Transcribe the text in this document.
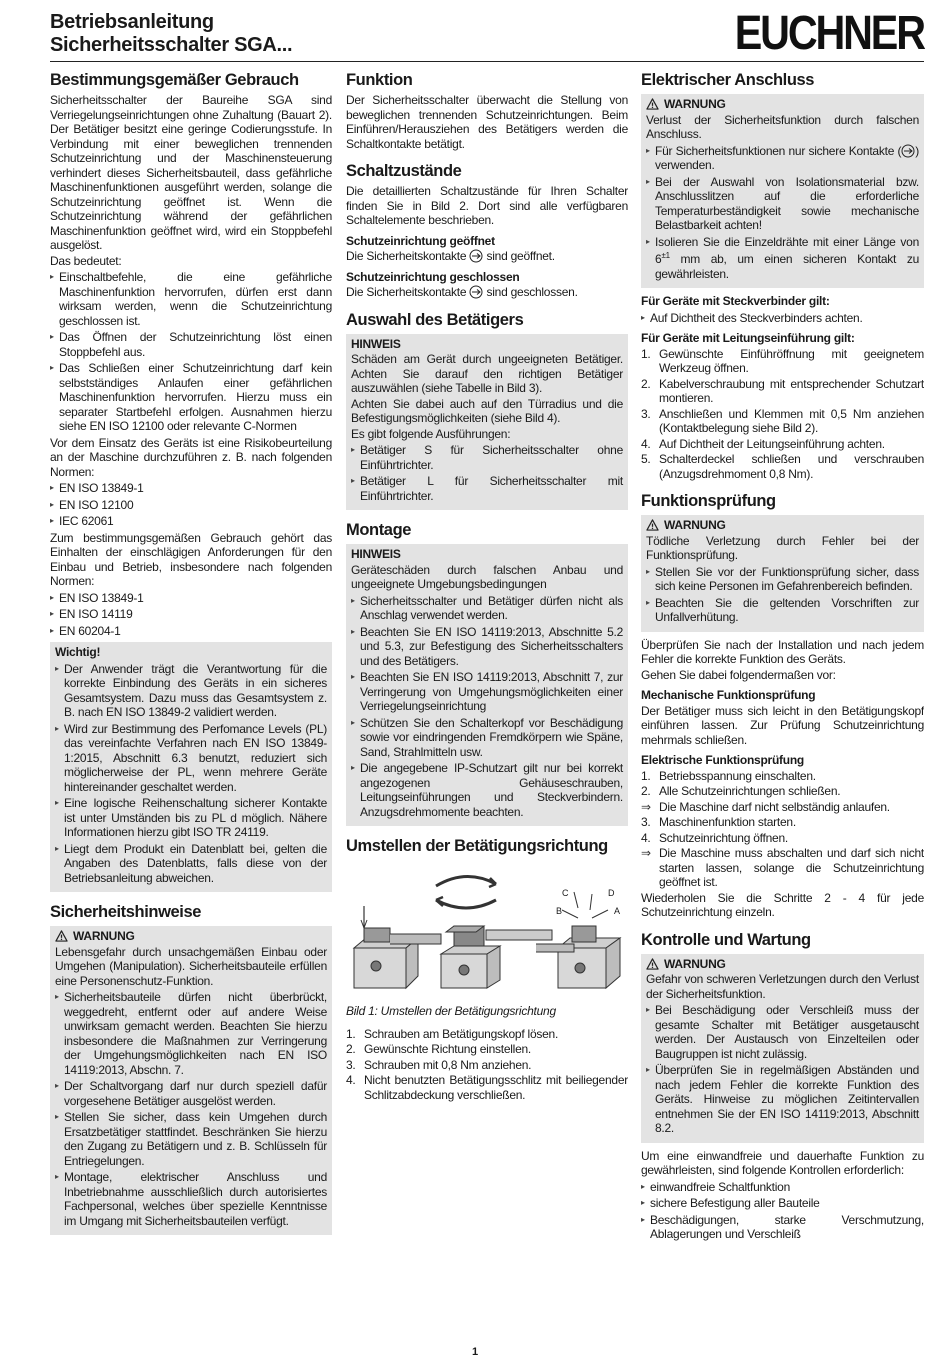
Betriebsanleitung
Sicherheitsschalter SGA...	EUCHNER
Bestimmungsgemäßer Gebrauch

Sicherheitsschalter der Baureihe SGA sind Verriegelungseinrichtungen ohne Zuhaltung (Bauart 2). Der Betätiger besitzt eine geringe Codierungsstufe. In Verbindung mit einer beweglichen trennenden Schutzeinrichtung und der Maschinensteuerung verhindert dieses Sicherheitsbauteil, dass gefährliche Maschinenfunktionen ausgeführt werden, solange die Schutzeinrichtung geöffnet ist. Wenn die Schutzeinrichtung während der gefährlichen Maschinenfunktion geöffnet wird, wird ein Stoppbefehl ausgelöst.

Das bedeutet:

▸ Einschaltbefehle, die eine gefährliche Maschinenfunktion hervorrufen, dürfen erst dann wirksam werden, wenn die Schutzeinrichtung geschlossen ist.
▸ Das Öffnen der Schutzeinrichtung löst einen Stoppbefehl aus.
▸ Das Schließen einer Schutzeinrichtung darf kein selbstständiges Anlaufen einer gefährlichen Maschinenfunktion hervorrufen. Hierzu muss ein separater Startbefehl erfolgen. Ausnahmen hierzu siehe EN ISO 12100 oder relevante C-Normen

Vor dem Einsatz des Geräts ist eine Risikobeurteilung an der Maschine durchzuführen z. B. nach folgenden Normen:

▸ EN ISO 13849-1
▸ EN ISO 12100
▸ IEC 62061

Zum bestimmungsgemäßen Gebrauch gehört das Einhalten der einschlägigen Anforderungen für den Einbau und Betrieb, insbesondere nach folgenden Normen:

▸ EN ISO 13849-1
▸ EN ISO 14119
▸ EN 60204-1
Wichtig!
▸ Der Anwender trägt die Verantwortung für die korrekte Einbindung des Geräts in ein sicheres Gesamtsystem. Dazu muss das Gesamtsystem z. B. nach EN ISO 13849-2 validiert werden.
▸ Wird zur Bestimmung des Perfomance Levels (PL) das vereinfachte Verfahren nach EN ISO 13849-1:2015, Abschnitt 6.3 benutzt, reduziert sich möglicherweise der PL, wenn mehrere Geräte hintereinander geschaltet werden.
▸ Eine logische Reihenschaltung sicherer Kontakte ist unter Umständen bis zu PL d möglich. Nähere Informationen hierzu gibt ISO TR 24119.
▸ Liegt dem Produkt ein Datenblatt bei, gelten die Angaben des Datenblatts, falls diese von der Betriebsanleitung abweichen.
Sicherheitshinweise
WARNUNG

Lebensgefahr durch unsachgemäßen Einbau oder Umgehen (Manipulation). Sicherheitsbauteile erfüllen eine Personenschutz-Funktion.

▸ Sicherheitsbauteile dürfen nicht überbrückt, weggedreht, entfernt oder auf andere Weise unwirksam gemacht werden. Beachten Sie hierzu insbesondere die Maßnahmen zur Verringerung der Umgehungsmöglichkeiten nach EN ISO 14119:2013, Abschn. 7.
▸ Der Schaltvorgang darf nur durch speziell dafür vorgesehene Betätiger ausgelöst werden.
▸ Stellen Sie sicher, dass kein Umgehen durch Ersatzbetätiger stattfindet. Beschränken Sie hierzu den Zugang zu Betätigern und z. B. Schlüsseln für Entriegelungen.
▸ Montage, elektrischer Anschluss und Inbetriebnahme ausschließlich durch autorisiertes Fachpersonal, welches über spezielle Kenntnisse im Umgang mit Sicherheitsbauteilen verfügt.
Funktion

Der Sicherheitsschalter überwacht die Stellung von beweglichen trennenden Schutzeinrichtungen. Beim Einführen/Herausziehen des Betätigers werden die Schaltkontakte betätigt.

Schaltzustände

Die detaillierten Schaltzustände für Ihren Schalter finden Sie in Bild 2. Dort sind alle verfügbaren Schaltelemente beschrieben.

Schutzeinrichtung geöffnet

Die Sicherheitskontakte sind geöffnet.

Schutzeinrichtung geschlossen

Die Sicherheitskontakte sind geschlossen.

Auswahl des Betätigers
HINWEIS

Schäden am Gerät durch ungeeigneten Betätiger. Achten Sie darauf den richtigen Betätiger auszuwählen (siehe Tabelle in Bild 3).

Achten Sie dabei auch auf den Türradius und die Befestigungsmöglichkeiten (siehe Bild 4).

Es gibt folgende Ausführungen:

▸ Betätiger S für Sicherheitsschalter ohne Einführtrichter.
▸ Betätiger L für Sicherheitsschalter mit Einführtrichter.
Montage
HINWEIS

Geräteschäden durch falschen Anbau und ungeeignete Umgebungsbedingungen

▸ Sicherheitsschalter und Betätiger dürfen nicht als Anschlag verwendet werden.
▸ Beachten Sie EN ISO 14119:2013, Abschnitte 5.2 und 5.3, zur Befestigung des Sicherheitsschalters und des Betätigers.
▸ Beachten Sie EN ISO 14119:2013, Abschnitt 7, zur Verringerung von Umgehungsmöglichkeiten einer Verriegelungseinrichtung
▸ Schützen Sie den Schalterkopf vor Beschädigung sowie vor eindringenden Fremdkörpern wie Späne, Sand, Strahlmitteln usw.
▸ Die angegebene IP-Schutzart gilt nur bei korrekt angezogenen Gehäuseschrauben, Leitungseinführungen und Steckverbindern. Anzugsdrehmomente beachten.
Umstellen der Betätigungsrichtung
C	D
B	A
Bild 1: Umstellen der Betätigungsrichtung
1. Schrauben am Betätigungskopf lösen.
2. Gewünschte Richtung einstellen.
3. Schrauben mit 0,8 Nm anziehen.
4. Nicht benutzten Betätigungsschlitz mit beiliegender Schlitzabdeckung verschließen.
Elektrischer Anschluss
WARNUNG

Verlust der Sicherheitsfunktion durch falschen Anschluss.

▸ Für Sicherheitsfunktionen nur sichere Kontakte ( ) verwenden.
▸ Bei der Auswahl von Isolationsmaterial bzw. Anschlusslitzen auf die erforderliche Temperaturbeständigkeit sowie mechanische Belastbarkeit achten!
▸ Isolieren Sie die Einzeldrähte mit einer Länge von $6^{\pm 1}$ mm ab, um einen sicheren Kontakt zu gewährleisten.
Für Geräte mit Steckverbinder gilt:
▸ Auf Dichtheit des Steckverbinders achten.
Für Geräte mit Leitungseinführung gilt:
1. Gewünschte Einführöffnung mit geeignetem Werkzeug öffnen.
2. Kabelverschraubung mit entsprechender Schutzart montieren.
3. Anschließen und Klemmen mit 0,5 Nm anziehen (Kontaktbelegung siehe Bild 2).
4. Auf Dichtheit der Leitungseinführung achten.
5. Schalterdeckel schließen und verschrauben (Anzugsdrehmoment 0,8 Nm).
Funktionsprüfung
WARNUNG

Tödliche Verletzung durch Fehler bei der Funktionsprüfung.

▸ Stellen Sie vor der Funktionsprüfung sicher, dass sich keine Personen im Gefahrenbereich befinden.
▸ Beachten Sie die geltenden Vorschriften zur Unfallverhütung.

Überprüfen Sie nach der Installation und nach jedem Fehler die korrekte Funktion des Geräts.

Gehen Sie dabei folgendermaßen vor:

Mechanische Funktionsprüfung

Der Betätiger muss sich leicht in den Betätigungskopf einführen lassen. Zur Prüfung Schutzeinrichtung mehrmals schließen.

Elektrische Funktionsprüfung
1. Betriebsspannung einschalten.
2. Alle Schutzeinrichtungen schließen.
⇒ Die Maschine darf nicht selbständig anlaufen.
3. Maschinenfunktion starten.
4. Schutzeinrichtung öffnen.
⇒ Die Maschine muss abschalten und darf sich nicht starten lassen, solange die Schutzeinrichtung geöffnet ist.

Wiederholen Sie die Schritte 2 - 4 für jede Schutzeinrichtung einzeln.

Kontrolle und Wartung
WARNUNG

Gefahr von schweren Verletzungen durch den Verlust der Sicherheitsfunktion.

▸ Bei Beschädigung oder Verschleiß muss der gesamte Schalter mit Betätiger ausgetauscht werden. Der Austausch von Einzelteilen oder Baugruppen ist nicht zulässig.
▸ Überprüfen Sie in regelmäßigen Abständen und nach jedem Fehler die korrekte Funktion des Geräts. Hinweise zu möglichen Zeitintervallen entnehmen Sie der EN ISO 14119:2013, Abschnitt 8.2.

Um eine einwandfreie und dauerhafte Funktion zu gewährleisten, sind folgende Kontrollen erforderlich:

▸ einwandfreie Schaltfunktion
▸ sichere Befestigung aller Bauteile
▸ Beschädigungen, starke Verschmutzung, Ablagerungen und Verschleiß
1
